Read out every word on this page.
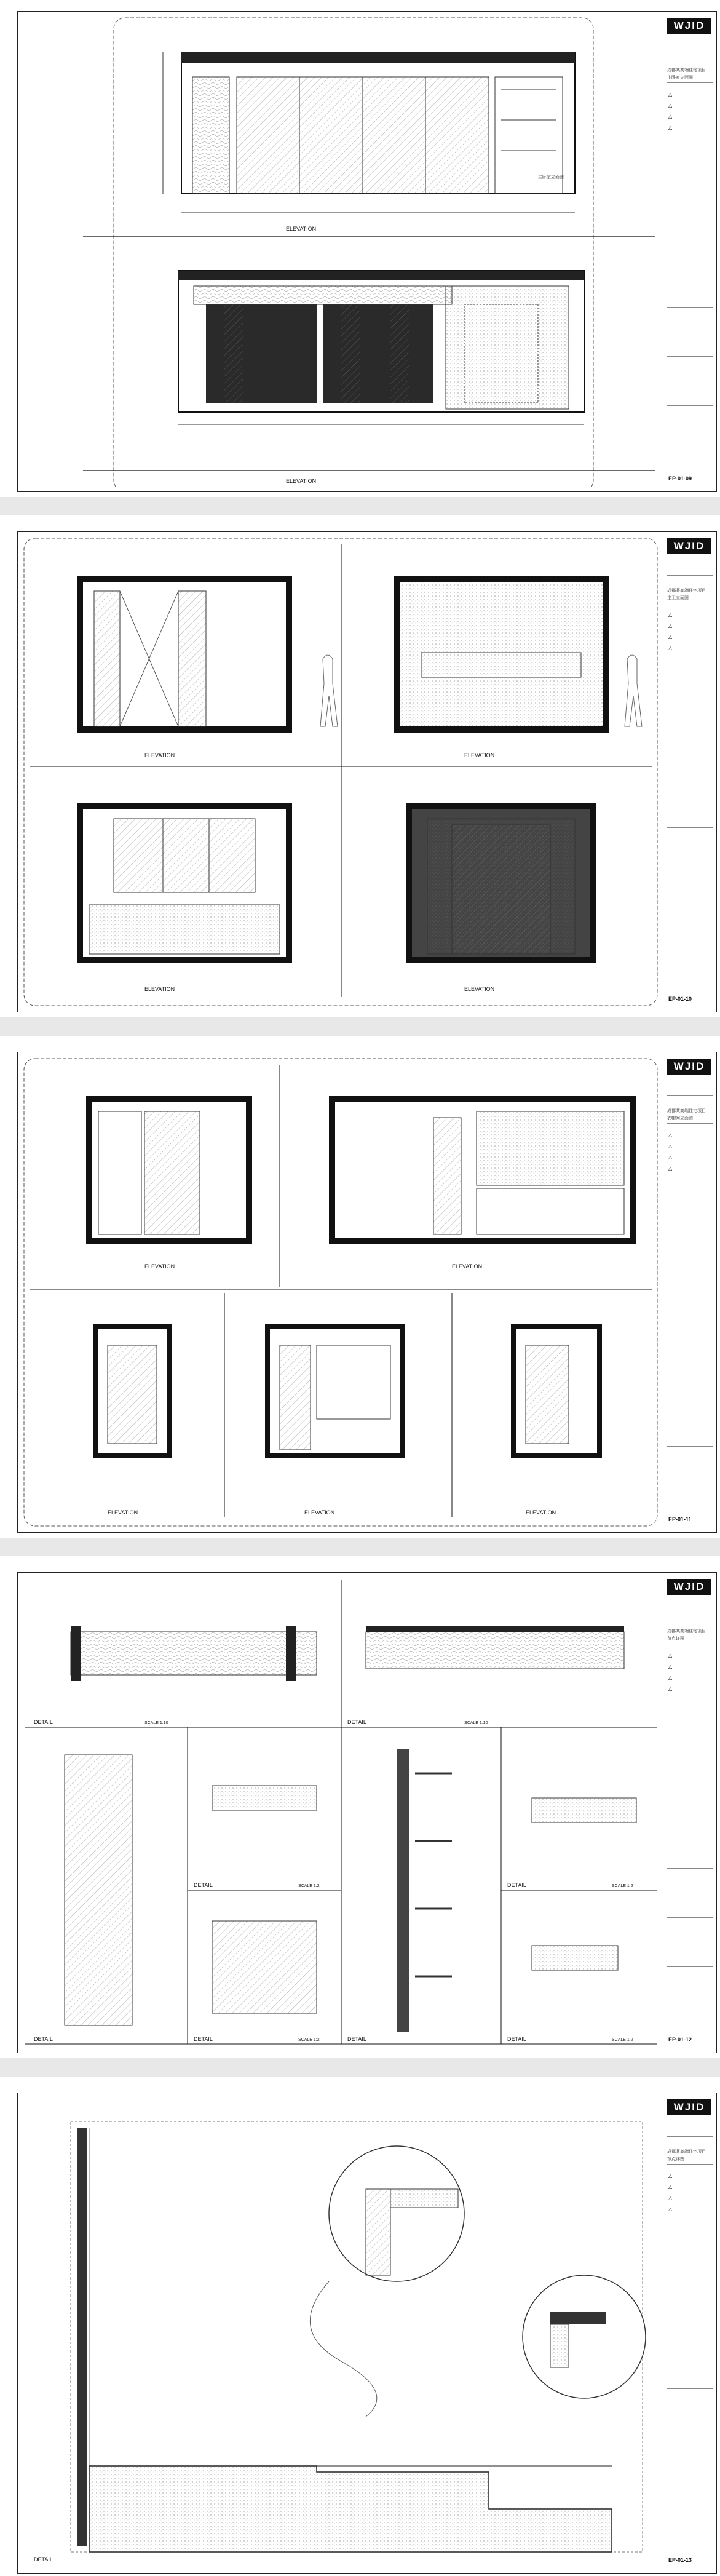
ELEVATION
主卧室立面图
ELEVATION
WJID
成都某高端住宅项目
主卧室立面图
△
△
△
△
EP-01-09
ELEVATION	ELEVATION
ELEVATION	ELEVATION
WJID
成都某高端住宅项目
主卫立面图
△
△
△
△
EP-01-10
ELEVATION	ELEVATION
ELEVATION	ELEVATION	ELEVATION
WJID
成都某高端住宅项目
衣帽间立面图
△
△
△
△
EP-01-11
DETAIL	SCALE 1:10	DETAIL	SCALE 1:10
DETAIL
DETAIL	SCALE 1:2
DETAIL	SCALE 1:2	DETAIL
DETAIL	SCALE 1:2
DETAIL	SCALE 1:2
WJID
成都某高端住宅项目
节点详图
△
△
△
△
EP-01-12
DETAIL
WJID
成都某高端住宅项目
节点详图
△
△
△
△
EP-01-13
